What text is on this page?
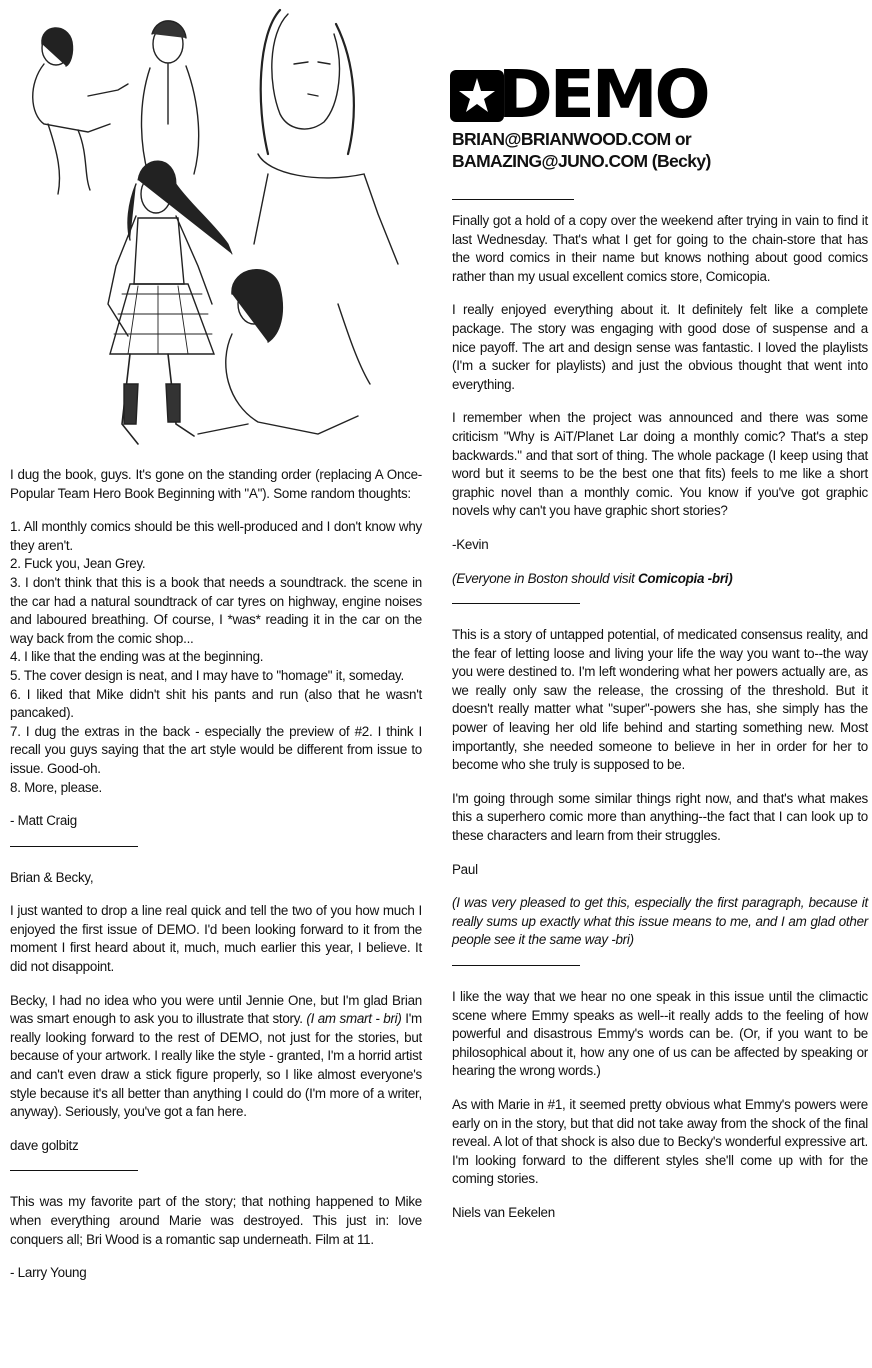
DEMO
BRIAN@BRIANWOOD.COM or
BAMAZING@JUNO.COM (Becky)

I dug the book, guys. It's gone on the standing order (replacing A Once-Popular Team Hero Book Beginning with "A"). Some random thoughts:

1. All monthly comics should be this well-produced and I don't know why they aren't.
2. Fuck you, Jean Grey.
3. I don't think that this is a book that needs a soundtrack. the scene in the car had a natural soundtrack of car tyres on highway, engine noises and laboured breathing. Of course, I *was* reading it in the car on the way back from the comic shop...
4. I like that the ending was at the beginning.
5. The cover design is neat, and I may have to "homage" it, someday.
6. I liked that Mike didn't shit his pants and run (also that he wasn't pancaked).
7. I dug the extras in the back - especially the preview of #2. I think I recall you guys saying that the art style would be different from issue to issue. Good-oh.
8. More, please.

- Matt Craig

Brian & Becky,

I just wanted to drop a line real quick and tell the two of you how much I enjoyed the first issue of DEMO. I'd been looking forward to it from the moment I first heard about it, much, much earlier this year, I believe. It did not disappoint.

Becky, I had no idea who you were until Jennie One, but I'm glad Brian was smart enough to ask you to illustrate that story. (I am smart - bri) I'm really looking forward to the rest of DEMO, not just for the stories, but because of your artwork. I really like the style - granted, I'm a horrid artist and can't even draw a stick figure properly, so I like almost everyone's style because it's all better than anything I could do (I'm more of a writer, anyway). Seriously, you've got a fan here.

dave golbitz

This was my favorite part of the story; that nothing happened to Mike when everything around Marie was destroyed. This just in: love conquers all; Bri Wood is a romantic sap underneath. Film at 11.

- Larry Young

Finally got a hold of a copy over the weekend after trying in vain to find it last Wednesday. That's what I get for going to the chain-store that has the word comics in their name but knows nothing about good comics rather than my usual excellent comics store, Comicopia.

I really enjoyed everything about it. It definitely felt like a complete package. The story was engaging with good dose of suspense and a nice payoff. The art and design sense was fantastic. I loved the playlists (I'm a sucker for playlists) and just the obvious thought that went into everything.

I remember when the project was announced and there was some criticism "Why is AiT/Planet Lar doing a monthly comic? That's a step backwards." and that sort of thing. The whole package (I keep using that word but it seems to be the best one that fits) feels to me like a short graphic novel than a monthly comic. You know if you've got graphic novels why can't you have graphic short stories?

-Kevin

(Everyone in Boston should visit Comicopia -bri)

This is a story of untapped potential, of medicated consensus reality, and the fear of letting loose and living your life the way you want to--the way you were destined to. I'm left wondering what her powers actually are, as we really only saw the release, the crossing of the threshold. But it doesn't really matter what "super"-powers she has, she simply has the power of leaving her old life behind and starting something new. Most importantly, she needed someone to believe in her in order for her to become who she truly is supposed to be.

I'm going through some similar things right now, and that's what makes this a superhero comic more than anything--the fact that I can look up to these characters and learn from their struggles.

Paul

(I was very pleased to get this, especially the first paragraph, because it really sums up exactly what this issue means to me, and I am glad other people see it the same way -bri)

I like the way that we hear no one speak in this issue until the climactic scene where Emmy speaks as well--it really adds to the feeling of how powerful and disastrous Emmy's words can be. (Or, if you want to be philosophical about it, how any one of us can be affected by speaking or hearing the wrong words.)

As with Marie in #1, it seemed pretty obvious what Emmy's powers were early on in the story, but that did not take away from the shock of the final reveal. A lot of that shock is also due to Becky's wonderful expressive art. I'm looking forward to the different styles she'll come up with for the coming stories.

Niels van Eekelen
